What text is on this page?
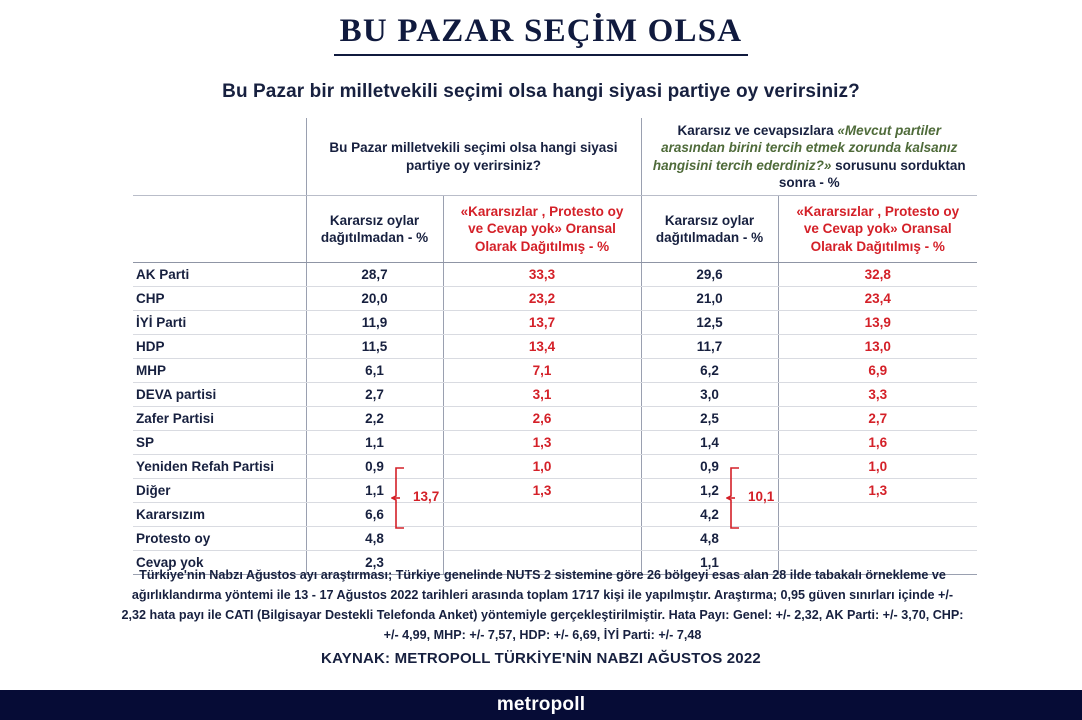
BU PAZAR SEÇİM OLSA
Bu Pazar bir milletvekili seçimi olsa hangi siyasi partiye oy verirsiniz?
	Bu Pazar milletvekili seçimi olsa hangi siyasi partiye oy verirsiniz?		Kararsız ve cevapsızlara «Mevcut partiler arasından birini tercih etmek zorunda kalsanız hangisini tercih ederdiniz?» sorusunu sorduktan sonra - %	
	Kararsız oylar dağıtılmadan - %	«Kararsızlar , Protesto oy ve Cevap yok» Oransal Olarak Dağıtılmış - %	Kararsız oylar dağıtılmadan - %	«Kararsızlar , Protesto oy ve Cevap yok» Oransal Olarak Dağıtılmış - %
AK Parti	28,7	33,3	29,6	32,8
CHP	20,0	23,2	21,0	23,4
İYİ Parti	11,9	13,7	12,5	13,9
HDP	11,5	13,4	11,7	13,0
MHP	6,1	7,1	6,2	6,9
DEVA partisi	2,7	3,1	3,0	3,3
Zafer Partisi	2,2	2,6	2,5	2,7
SP	1,1	1,3	1,4	1,6
Yeniden Refah Partisi	0,9	1,0	0,9	1,0
Diğer	1,1	1,3	1,2	1,3
Kararsızım	6,6		4,2	
Protesto oy	4,8		4,8	
Cevap yok	2,3		1,1	
13,7	10,1
Türkiye'nin Nabzı Ağustos ayı araştırması; Türkiye genelinde NUTS 2 sistemine göre 26 bölgeyi esas alan 28 ilde tabakalı örnekleme ve ağırlıklandırma yöntemi ile 13 - 17 Ağustos 2022 tarihleri arasında toplam 1717 kişi ile yapılmıştır. Araştırma; 0,95 güven sınırları içinde +/- 2,32 hata payı ile CATI (Bilgisayar Destekli Telefonda Anket) yöntemiyle gerçekleştirilmiştir. Hata Payı: Genel: +/- 2,32, AK Parti: +/- 3,70, CHP: +/- 4,99, MHP: +/- 7,57, HDP: +/- 6,69, İYİ Parti: +/- 7,48
KAYNAK: METROPOLL TÜRKİYE'NİN NABZI AĞUSTOS 2022
metropoll
